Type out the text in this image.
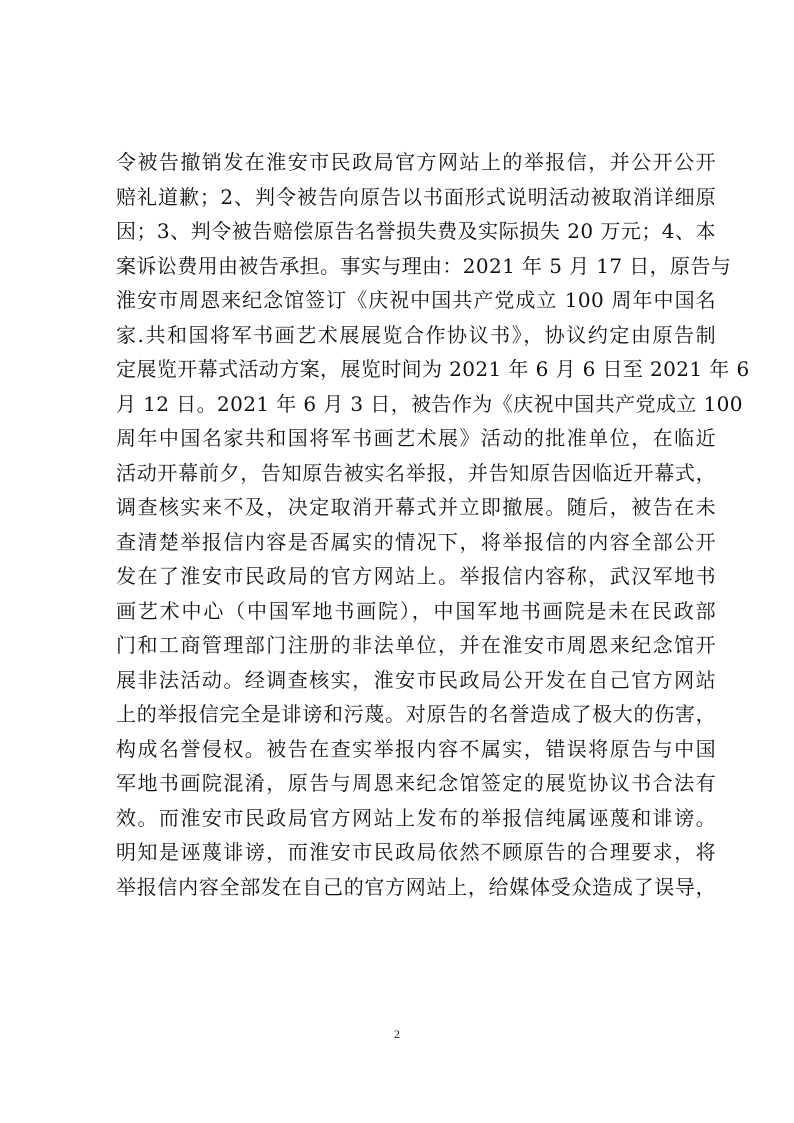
令被告撤销发在淮安市民政局官方网站上的举报信，并公开公开
赔礼道歉；2、判令被告向原告以书面形式说明活动被取消详细原
因；3、判令被告赔偿原告名誉损失费及实际损失 20 万元；4、本
案诉讼费用由被告承担。事实与理由：2021 年 5 月 17 日，原告与
淮安市周恩来纪念馆签订《庆祝中国共产党成立 100 周年中国名
家.共和国将军书画艺术展展览合作协议书》，协议约定由原告制
定展览开幕式活动方案，展览时间为 2021 年 6 月 6 日至 2021 年 6
月 12 日。2021 年 6 月 3 日，被告作为《庆祝中国共产党成立 100
周年中国名家共和国将军书画艺术展》活动的批准单位，在临近
活动开幕前夕，告知原告被实名举报，并告知原告因临近开幕式，
调查核实来不及，决定取消开幕式并立即撤展。随后，被告在未
查清楚举报信内容是否属实的情况下，将举报信的内容全部公开
发在了淮安市民政局的官方网站上。举报信内容称，武汉军地书
画艺术中心（中国军地书画院），中国军地书画院是未在民政部
门和工商管理部门注册的非法单位，并在淮安市周恩来纪念馆开
展非法活动。经调查核实，淮安市民政局公开发在自己官方网站
上的举报信完全是诽谤和污蔑。对原告的名誉造成了极大的伤害，
构成名誉侵权。被告在查实举报内容不属实，错误将原告与中国
军地书画院混淆，原告与周恩来纪念馆签定的展览协议书合法有
效。而淮安市民政局官方网站上发布的举报信纯属诬蔑和诽谤。
明知是诬蔑诽谤，而淮安市民政局依然不顾原告的合理要求，将
举报信内容全部发在自己的官方网站上，给媒体受众造成了误导，
2
